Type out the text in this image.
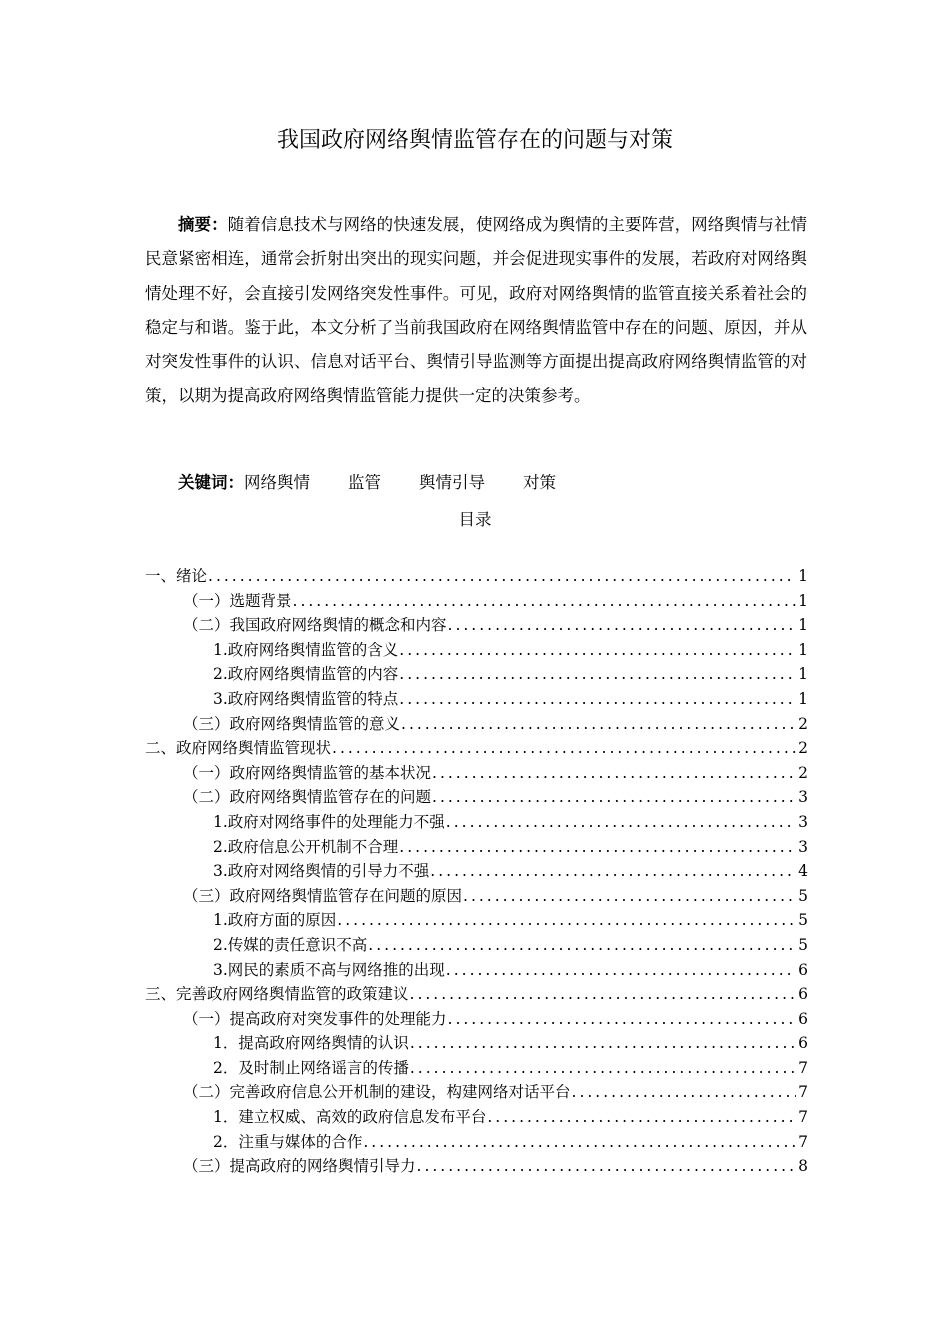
我国政府网络舆情监管存在的问题与对策

摘要：随着信息技术与网络的快速发展，使网络成为舆情的主要阵营，网络舆情与社情民意紧密相连，通常会折射出突出的现实问题，并会促进现实事件的发展，若政府对网络舆情处理不好，会直接引发网络突发性事件。可见，政府对网络舆情的监管直接关系着社会的稳定与和谐。鉴于此，本文分析了当前我国政府在网络舆情监管中存在的问题、原因，并从对突发性事件的认识、信息对话平台、舆情引导监测等方面提出提高政府网络舆情监管的对策，以期为提高政府网络舆情监管能力提供一定的决策参考。

关键词：网络舆情 监管 舆情引导 对策
目录
一、绪论 .....	1
（一）选题背景 .....	1
（二）我国政府网络舆情的概念和内容 .....	1
1.政府网络舆情监管的含义 .....	1
2.政府网络舆情监管的内容 .....	1
3.政府网络舆情监管的特点 .....	1
（三）政府网络舆情监管的意义 .....	2
二、政府网络舆情监管现状 .....	2
（一）政府网络舆情监管的基本状况 .....	2
（二）政府网络舆情监管存在的问题 .....	3
1.政府对网络事件的处理能力不强 .....	3
2.政府信息公开机制不合理 .....	3
3.政府对网络舆情的引导力不强 .....	4
（三）政府网络舆情监管存在问题的原因 .....	5
1.政府方面的原因 .....	5
2.传媒的责任意识不高 .....	5
3.网民的素质不高与网络推的出现 .....	6
三、完善政府网络舆情监管的政策建议 .....	6
（一）提高政府对突发事件的处理能力 .....	6
1．提高政府网络舆情的认识 .....	6
2．及时制止网络谣言的传播 .....	7
（二）完善政府信息公开机制的建设，构建网络对话平台 .....	7
1．建立权威、高效的政府信息发布平台 .....	7
2．注重与媒体的合作 .....	7
（三）提高政府的网络舆情引导力 .....	8
